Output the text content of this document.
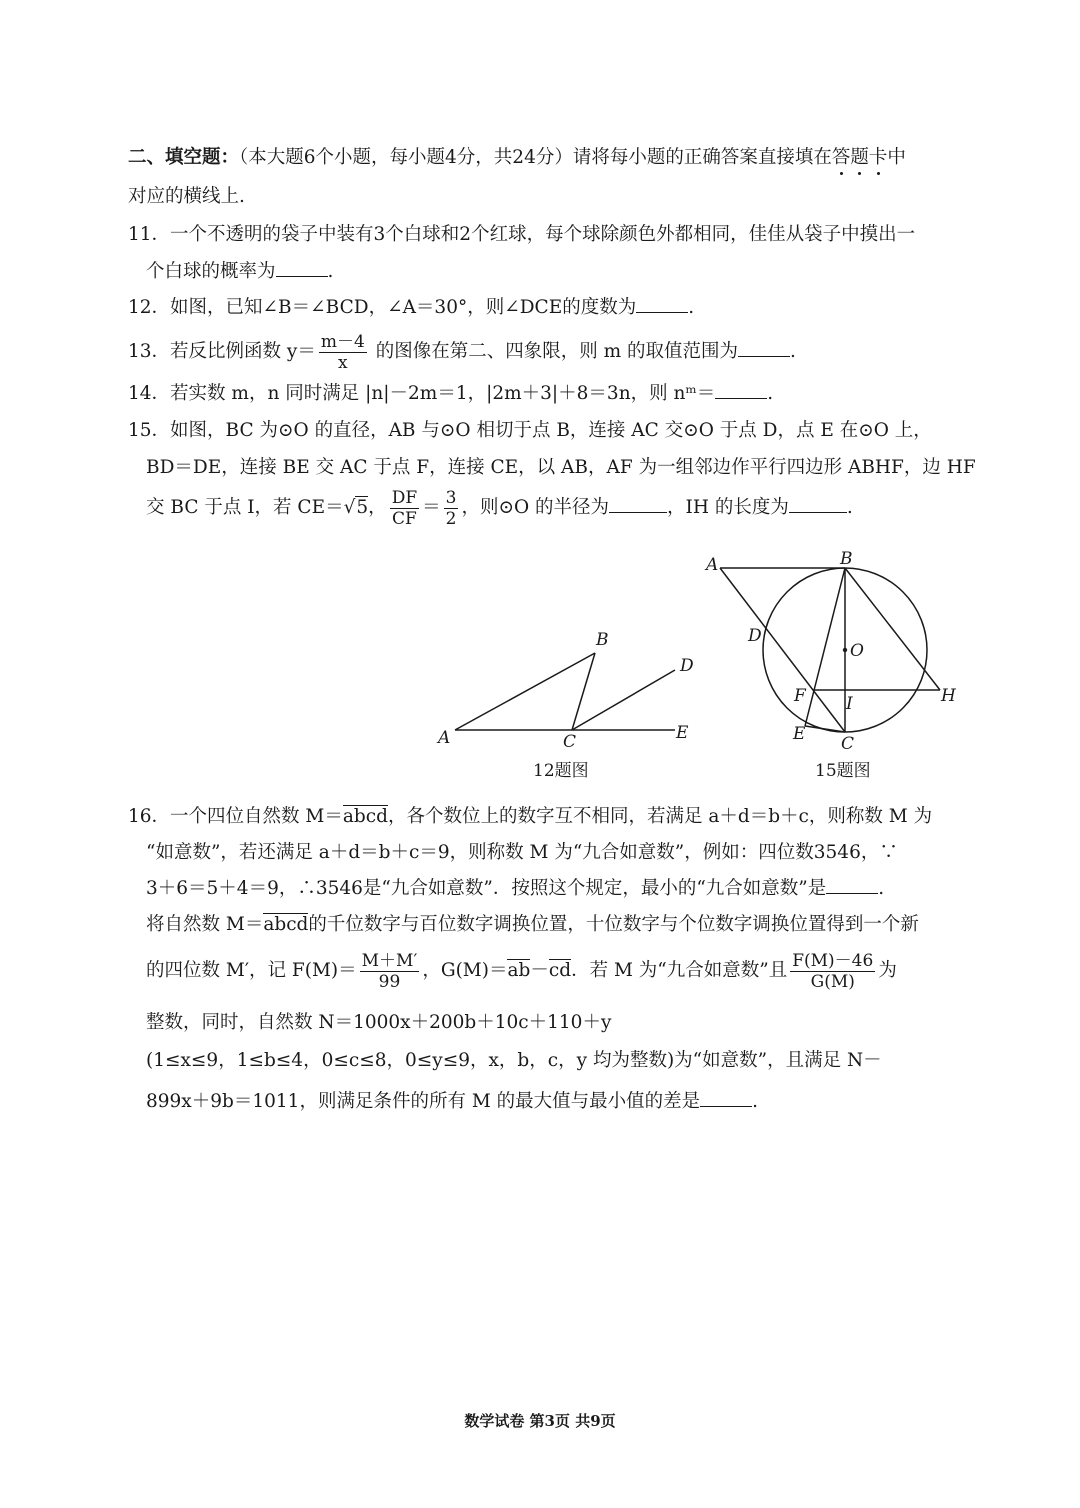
二、填空题：（本大题6个小题，每小题4分，共24分）请将每小题的正确答案直接填在答题卡中
对应的横线上.
11．一个不透明的袋子中装有3个白球和2个红球，每个球除颜色外都相同，佳佳从袋子中摸出一
个白球的概率为	.
12．如图，已知∠B＝∠BCD，∠A＝30°，则∠DCE的度数为	.
13．若反比例函数 $y= \frac{m-4}{x}$ 的图像在第二、四象限，则 m 的取值范围为	.
14．若实数 m，n 同时满足 |n|－2m＝1，|2m＋3|＋8＝3n，则 nᵐ＝	.
15．如图，BC 为⊙O 的直径，AB 与⊙O 相切于点 B，连接 AC 交⊙O 于点 D，点 E 在⊙O 上，
BD＝DE，连接 BE 交 AC 于点 F，连接 CE，以 AB，AF 为一组邻边作平行四边形 ABHF，边 HF
交 BC 于点 I，若 CE＝√5， $\frac{DF}{CF} = \frac{3}{2}$ ，则⊙O 的半径为	，IH 的长度为	.
A
B
C
D
E
12题图
A	B
D
O
F I	H
E C
15题图
16．一个四位自然数 M＝abcd，各个数位上的数字互不相同，若满足 a＋d＝b＋c，则称数 M 为
“如意数”，若还满足 a＋d＝b＋c＝9，则称数 M 为“九合如意数”，例如：四位数3546，∵
3＋6＝5＋4＝9，∴3546是“九合如意数”．按照这个规定，最小的“九合如意数”是	.
将自然数 M＝abcd的千位数字与百位数字调换位置，十位数字与个位数字调换位置得到一个新
的四位数 M′，记 $F(M)= \frac{M+M'}{99}$ ，G(M)＝ab－cd．若 M 为“九合如意数”且 $\frac{F(M)-46}{G(M)}$ 为
整数，同时，自然数 N＝1000x＋200b＋10c＋110＋y
(1≤x≤9，1≤b≤4，0≤c≤8，0≤y≤9，x，b，c，y 均为整数)为“如意数”，且满足 N－
899x＋9b＝1011，则满足条件的所有 M 的最大值与最小值的差是	.
数学试卷 第3页 共9页
